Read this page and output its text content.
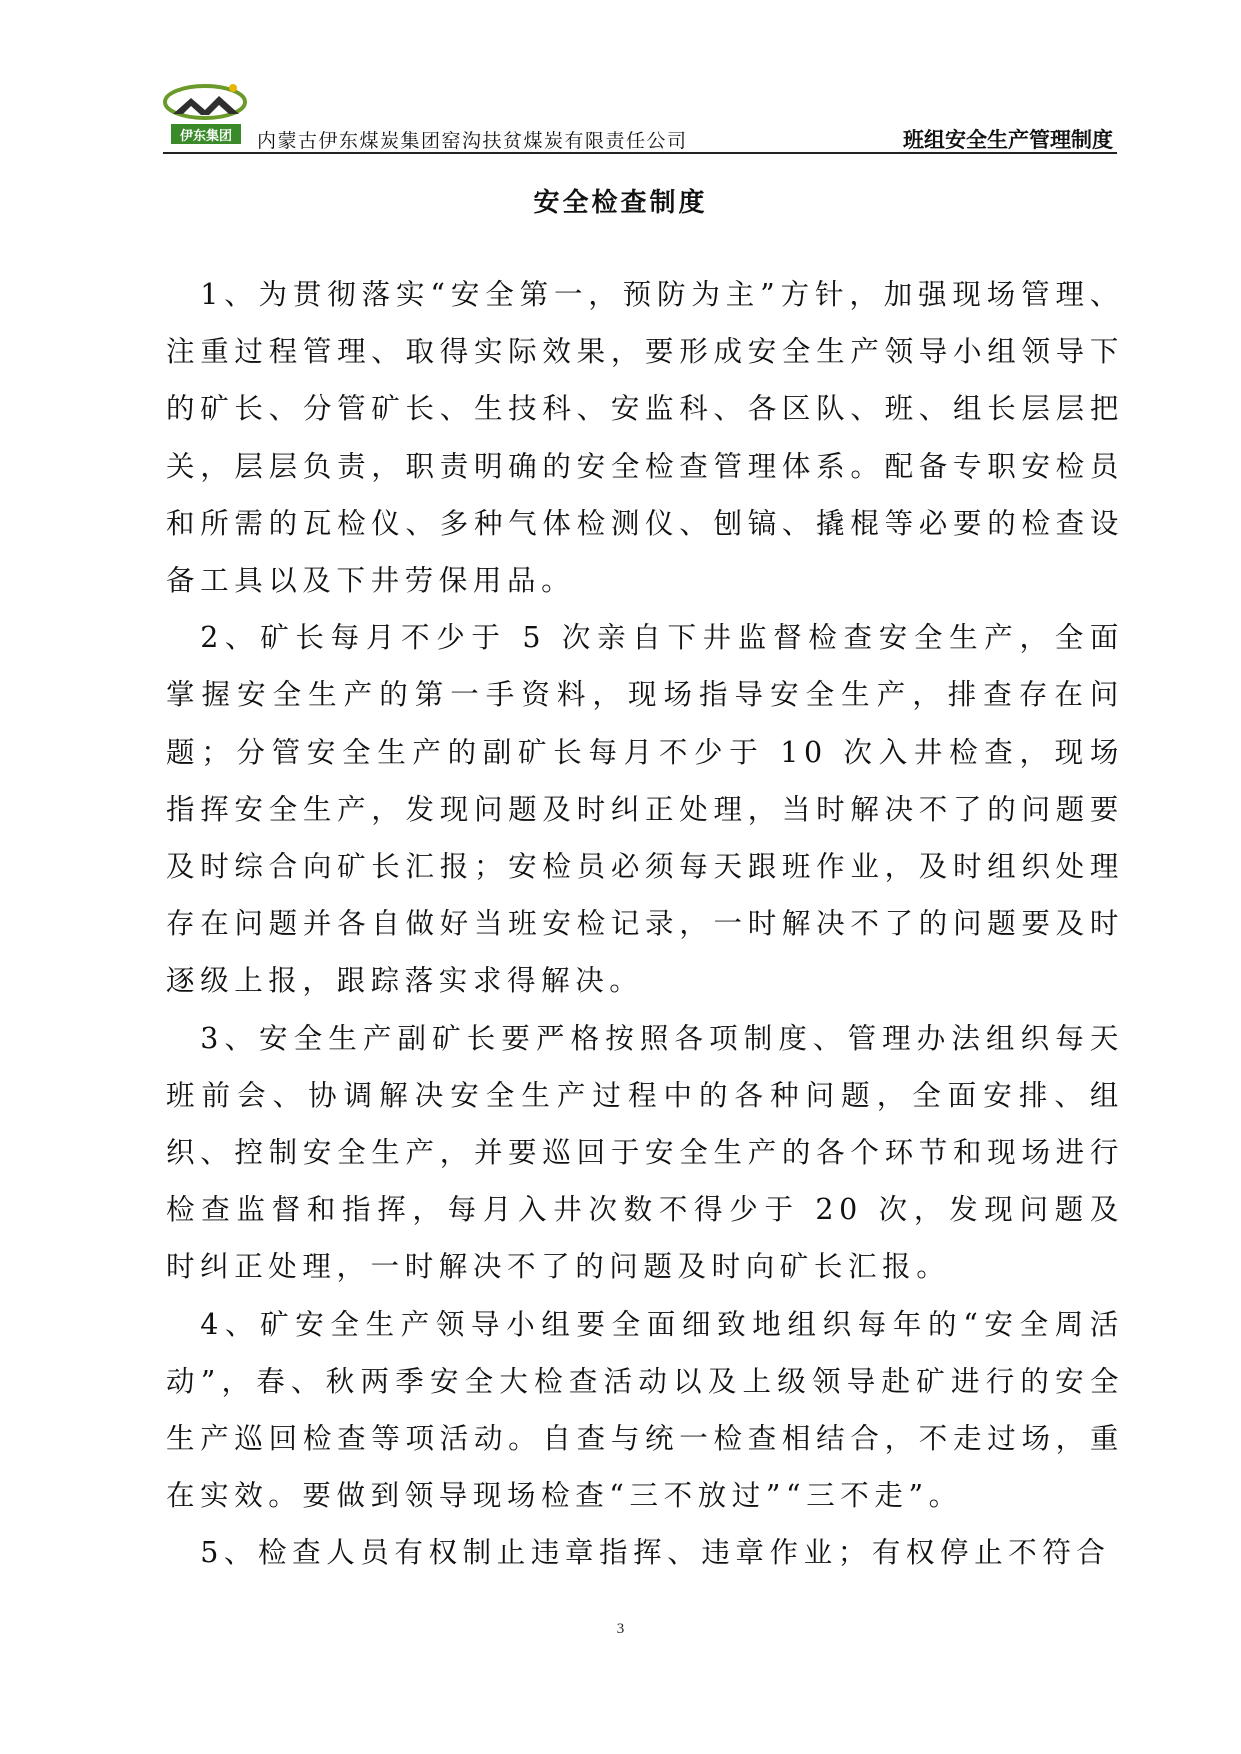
伊东集团 内蒙古伊东煤炭集团窑沟扶贫煤炭有限责任公司	班组安全生产管理制度
安全检查制度

1、为贯彻落实“安全第一，预防为主”方针，加强现场管理、注重过程管理、取得实际效果，要形成安全生产领导小组领导下的矿长、分管矿长、生技科、安监科、各区队、班、组长层层把关，层层负责，职责明确的安全检查管理体系。配备专职安检员和所需的瓦检仪、多种气体检测仪、刨镐、撬棍等必要的检查设备工具以及下井劳保用品。

2、矿长每月不少于 5 次亲自下井监督检查安全生产，全面掌握安全生产的第一手资料，现场指导安全生产，排查存在问题；分管安全生产的副矿长每月不少于 10 次入井检查，现场指挥安全生产，发现问题及时纠正处理，当时解决不了的问题要及时综合向矿长汇报；安检员必须每天跟班作业，及时组织处理存在问题并各自做好当班安检记录，一时解决不了的问题要及时逐级上报，跟踪落实求得解决。

3、安全生产副矿长要严格按照各项制度、管理办法组织每天班前会、协调解决安全生产过程中的各种问题，全面安排、组织、控制安全生产，并要巡回于安全生产的各个环节和现场进行检查监督和指挥，每月入井次数不得少于 20 次，发现问题及时纠正处理，一时解决不了的问题及时向矿长汇报。

4、矿安全生产领导小组要全面细致地组织每年的“安全周活动”，春、秋两季安全大检查活动以及上级领导赴矿进行的安全生产巡回检查等项活动。自查与统一检查相结合，不走过场，重在实效。要做到领导现场检查“三不放过”“三不走”。

5、检查人员有权制止违章指挥、违章作业；有权停止不符合

3
